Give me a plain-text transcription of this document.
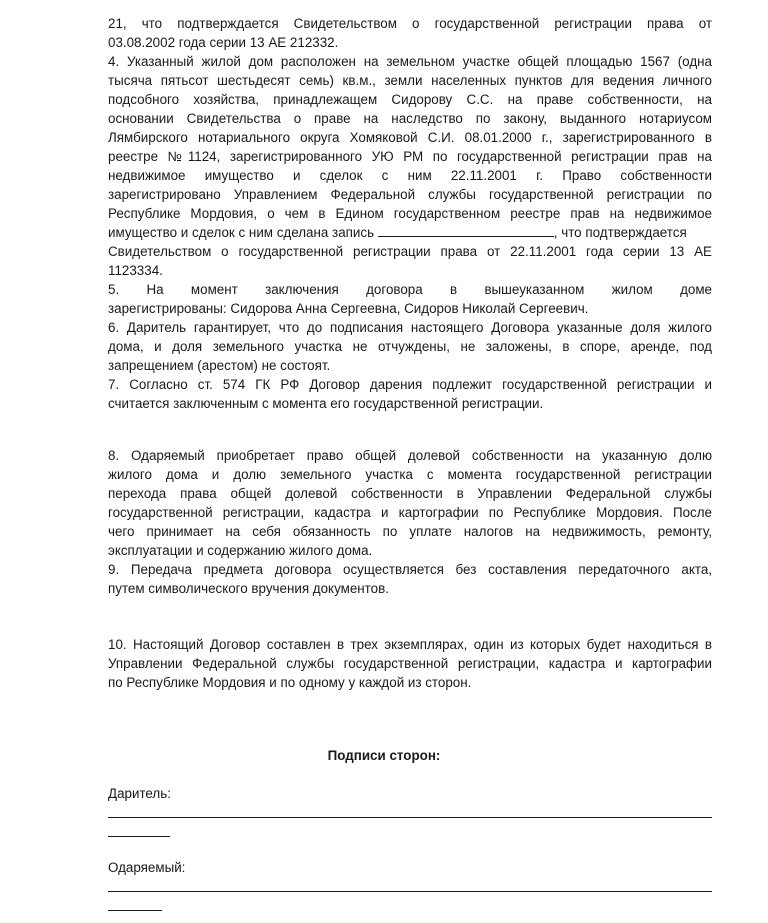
21, что подтверждается Свидетельством о государственной регистрации права от
03.08.2002 года серии 13 АЕ 212332.
4. Указанный жилой дом расположен на земельном участке общей площадью 1567 (одна
тысяча пятьсот шестьдесят семь) кв.м., земли населенных пунктов для ведения личного
подсобного хозяйства, принадлежащем Сидорову С.С. на праве собственности, на
основании Свидетельства о праве на наследство по закону, выданного нотариусом
Лямбирского нотариального округа Хомяковой С.И. 08.01.2000 г., зарегистрированного в
реестре №1124, зарегистрированного УЮ РМ по государственной регистрации прав на
недвижимое имущество и сделок с ним 22.11.2001 г. Право собственности
зарегистрировано Управлением Федеральной службы государственной регистрации по
Республике Мордовия, о чем в Едином государственном реестре прав на недвижимое
имущество и сделок с ним сделана запись	, что подтверждается
Свидетельством о государственной регистрации права от 22.11.2001 года серии 13 АЕ
1123334.
5. На момент заключения договора в вышеуказанном жилом доме
зарегистрированы: Сидорова Анна Сергеевна, Сидоров Николай Сергеевич.
6. Даритель гарантирует, что до подписания настоящего Договора указанные доля жилого
дома, и доля земельного участка не отчуждены, не заложены, в споре, аренде, под
запрещением (арестом) не состоят.
7. Согласно ст. 574 ГК РФ Договор дарения подлежит государственной регистрации и
считается заключенным с момента его государственной регистрации.
8. Одаряемый приобретает право общей долевой собственности на указанную долю
жилого дома и долю земельного участка с момента государственной регистрации
перехода права общей долевой собственности в Управлении Федеральной службы
государственной регистрации, кадастра и картографии по Республике Мордовия. После
чего принимает на себя обязанность по уплате налогов на недвижимость, ремонту,
эксплуатации и содержанию жилого дома.
9. Передача предмета договора осуществляется без составления передаточного акта,
путем символического вручения документов.
10. Настоящий Договор составлен в трех экземплярах, один из которых будет находиться в
Управлении Федеральной службы государственной регистрации, кадастра и картографии
по Республике Мордовия и по одному у каждой из сторон.
Подписи сторон:
Даритель:
Одаряемый:
